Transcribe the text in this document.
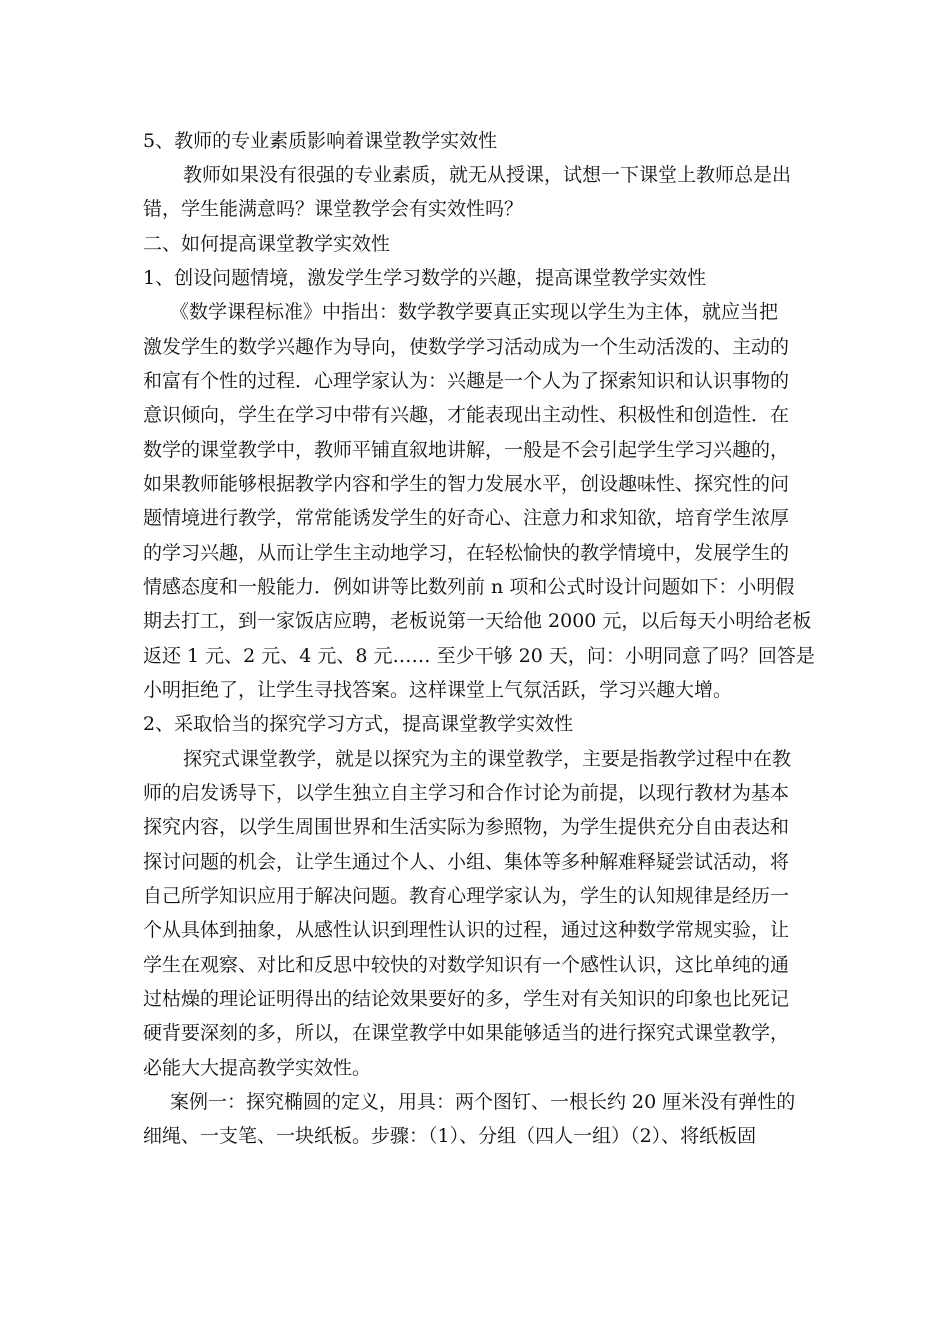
5、教师的专业素质影响着课堂教学实效性
教师如果没有很强的专业素质，就无从授课，试想一下课堂上教师总是出
错，学生能满意吗？课堂教学会有实效性吗？
二、如何提高课堂教学实效性
1、创设问题情境，激发学生学习数学的兴趣，提高课堂教学实效性
《数学课程标准》中指出：数学教学要真正实现以学生为主体，就应当把
激发学生的数学兴趣作为导向，使数学学习活动成为一个生动活泼的、主动的
和富有个性的过程．心理学家认为：兴趣是一个人为了探索知识和认识事物的
意识倾向，学生在学习中带有兴趣，才能表现出主动性、积极性和创造性．在
数学的课堂教学中，教师平铺直叙地讲解，一般是不会引起学生学习兴趣的，
如果教师能够根据教学内容和学生的智力发展水平，创设趣味性、探究性的问
题情境进行教学，常常能诱发学生的好奇心、注意力和求知欲，培育学生浓厚
的学习兴趣，从而让学生主动地学习，在轻松愉快的教学情境中，发展学生的
情感态度和一般能力．例如讲等比数列前 n 项和公式时设计问题如下：小明假
期去打工，到一家饭店应聘，老板说第一天给他 2000 元，以后每天小明给老板
返还 1 元、2 元、4 元、8 元…… 至少干够 20 天，问：小明同意了吗？回答是
小明拒绝了，让学生寻找答案。这样课堂上气氛活跃，学习兴趣大增。
2、采取恰当的探究学习方式，提高课堂教学实效性
探究式课堂教学，就是以探究为主的课堂教学，主要是指教学过程中在教
师的启发诱导下，以学生独立自主学习和合作讨论为前提，以现行教材为基本
探究内容，以学生周围世界和生活实际为参照物，为学生提供充分自由表达和
探讨问题的机会，让学生通过个人、小组、集体等多种解难释疑尝试活动，将
自己所学知识应用于解决问题。教育心理学家认为，学生的认知规律是经历一
个从具体到抽象，从感性认识到理性认识的过程，通过这种数学常规实验，让
学生在观察、对比和反思中较快的对数学知识有一个感性认识，这比单纯的通
过枯燥的理论证明得出的结论效果要好的多，学生对有关知识的印象也比死记
硬背要深刻的多，所以，在课堂教学中如果能够适当的进行探究式课堂教学，
必能大大提高教学实效性。
案例一：探究椭圆的定义，用具：两个图钉、一根长约 20 厘米没有弹性的
细绳、一支笔、一块纸板。步骤：（1）、分组（四人一组）（2）、将纸板固
